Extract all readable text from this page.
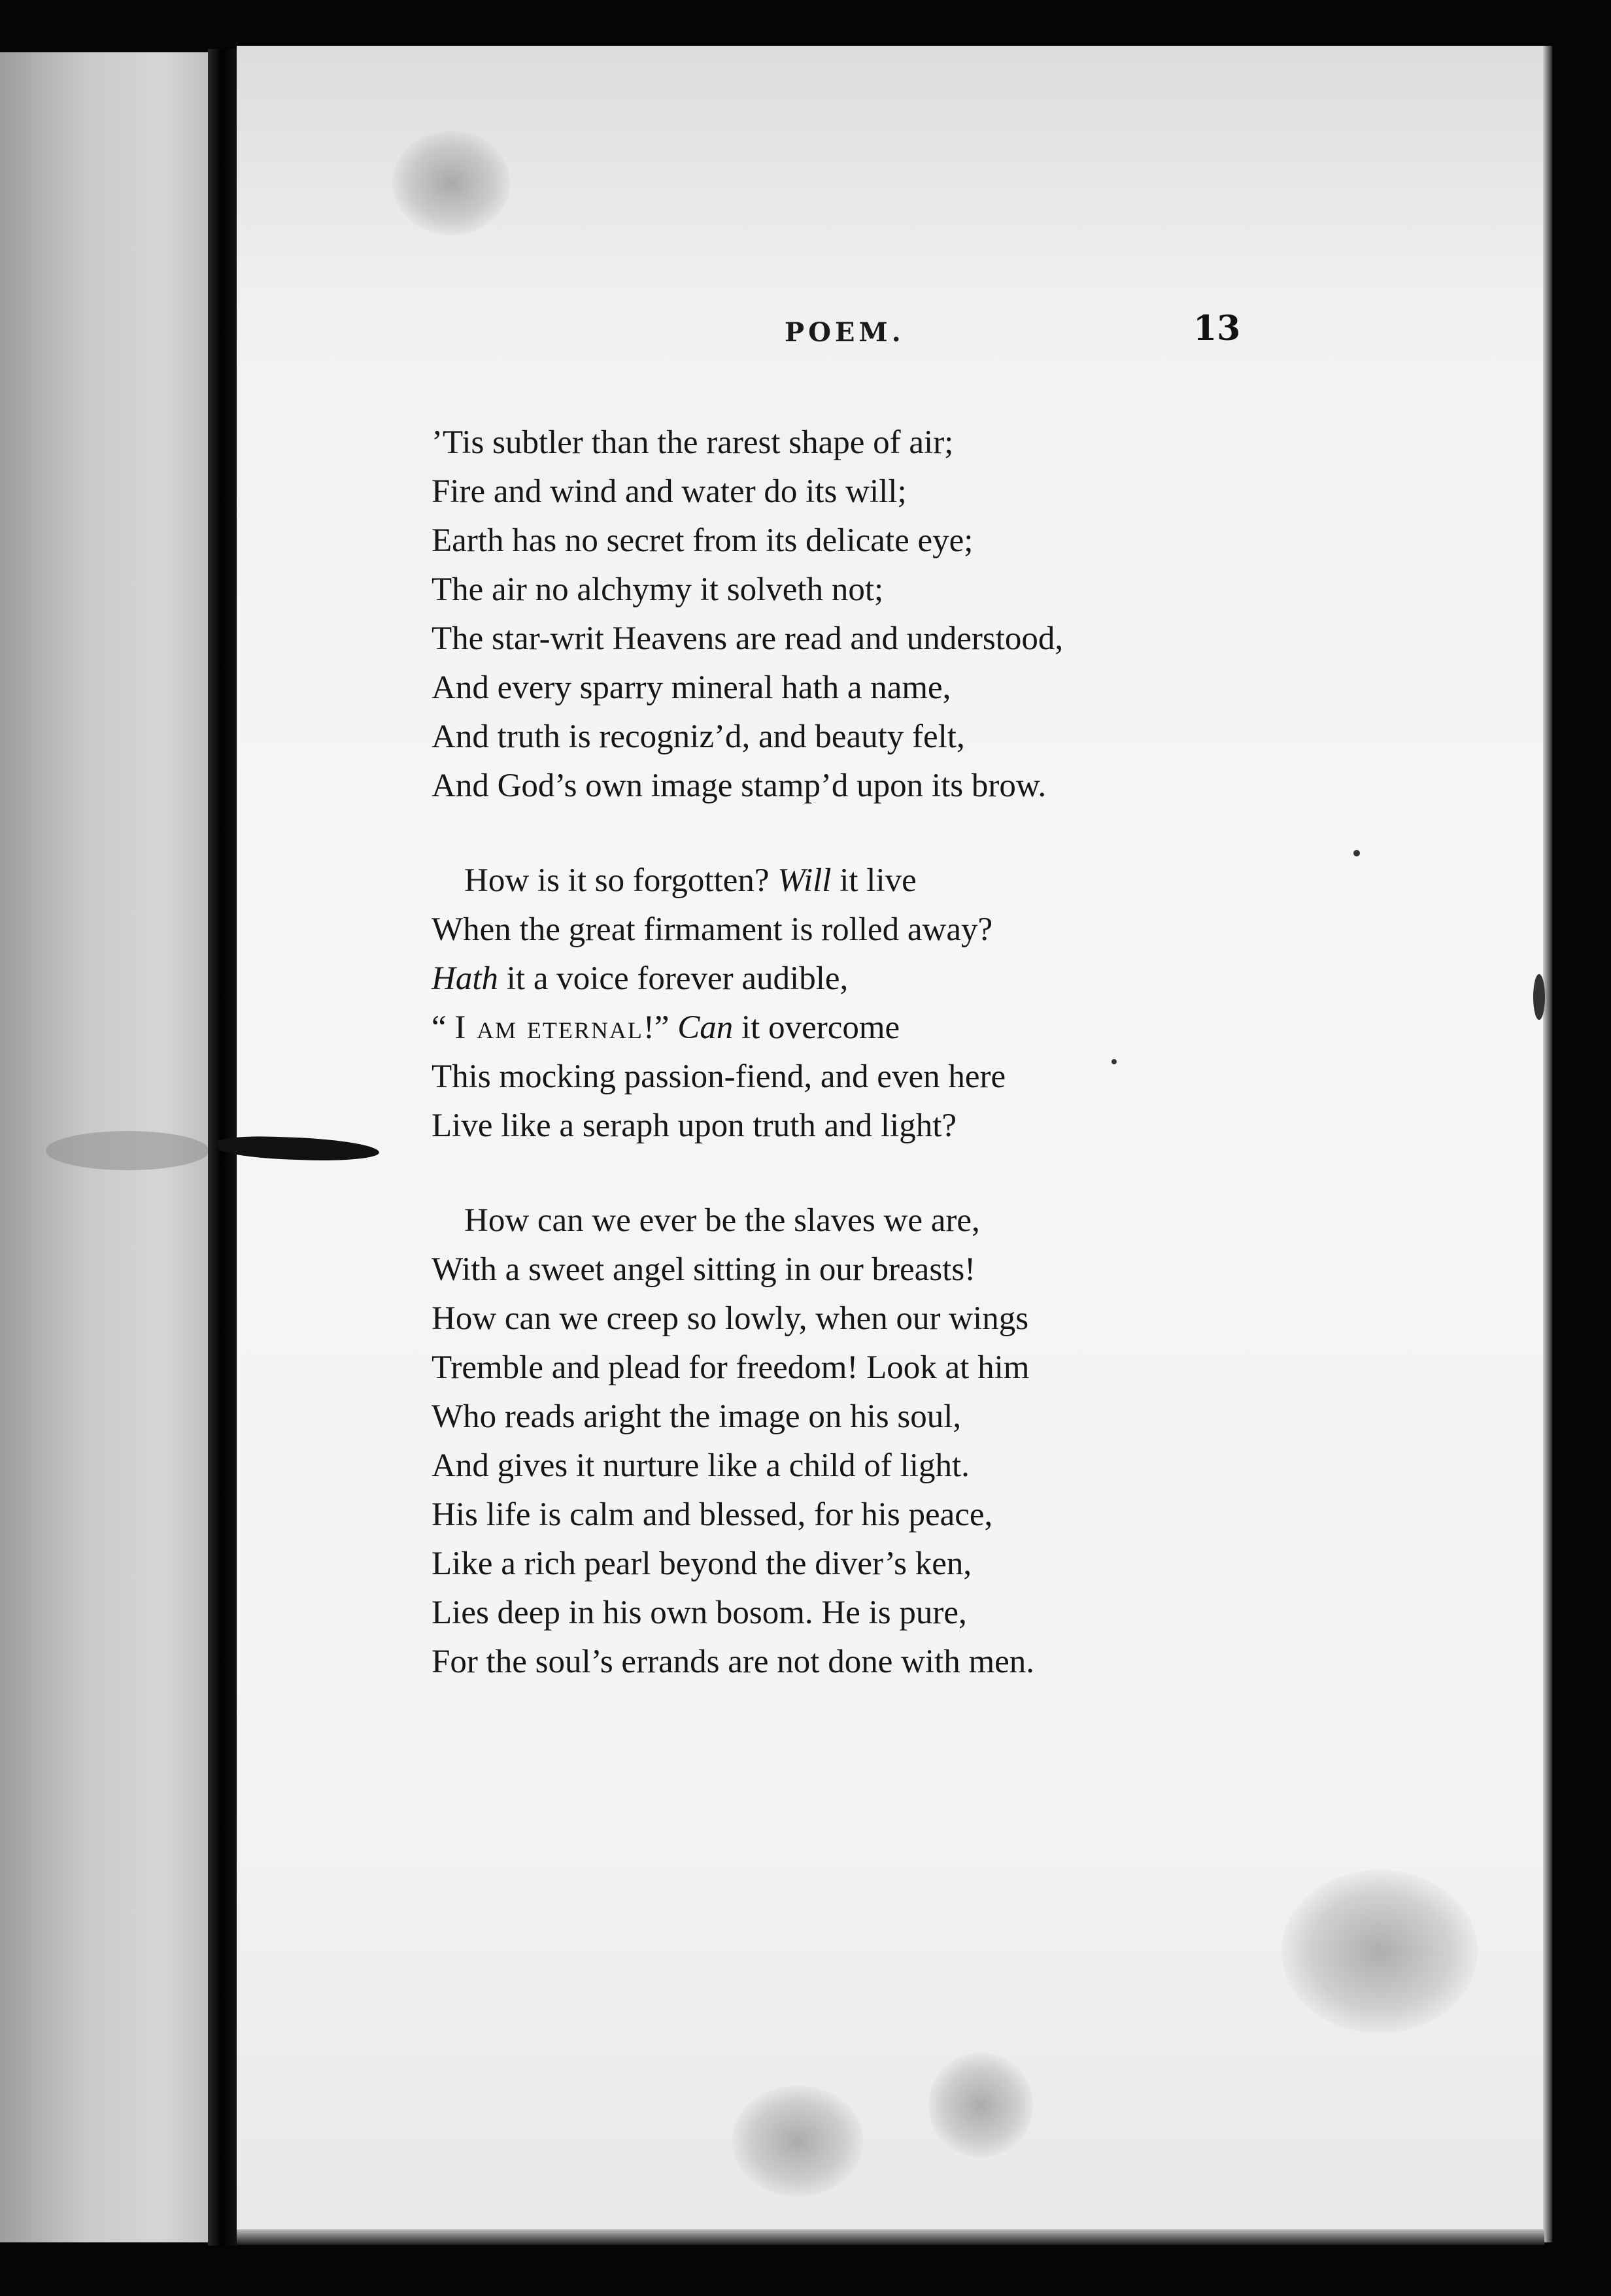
POEM.	13

’Tis subtler than the rarest shape of air;
Fire and wind and water do its will;
Earth has no secret from its delicate eye;
The air no alchymy it solveth not;
The star-writ Heavens are read and understood,
And every sparry mineral hath a name,
And truth is recogniz’d, and beauty felt,
And God’s own image stamp’d upon its brow.

How is it so forgotten? Will it live
When the great firmament is rolled away?
Hath it a voice forever audible,
“ I am eternal!” Can it overcome
This mocking passion-fiend, and even here
Live like a seraph upon truth and light?

How can we ever be the slaves we are,
With a sweet angel sitting in our breasts!
How can we creep so lowly, when our wings
Tremble and plead for freedom! Look at him
Who reads aright the image on his soul,
And gives it nurture like a child of light.
His life is calm and blessed, for his peace,
Like a rich pearl beyond the diver’s ken,
Lies deep in his own bosom. He is pure,
For the soul’s errands are not done with men.
